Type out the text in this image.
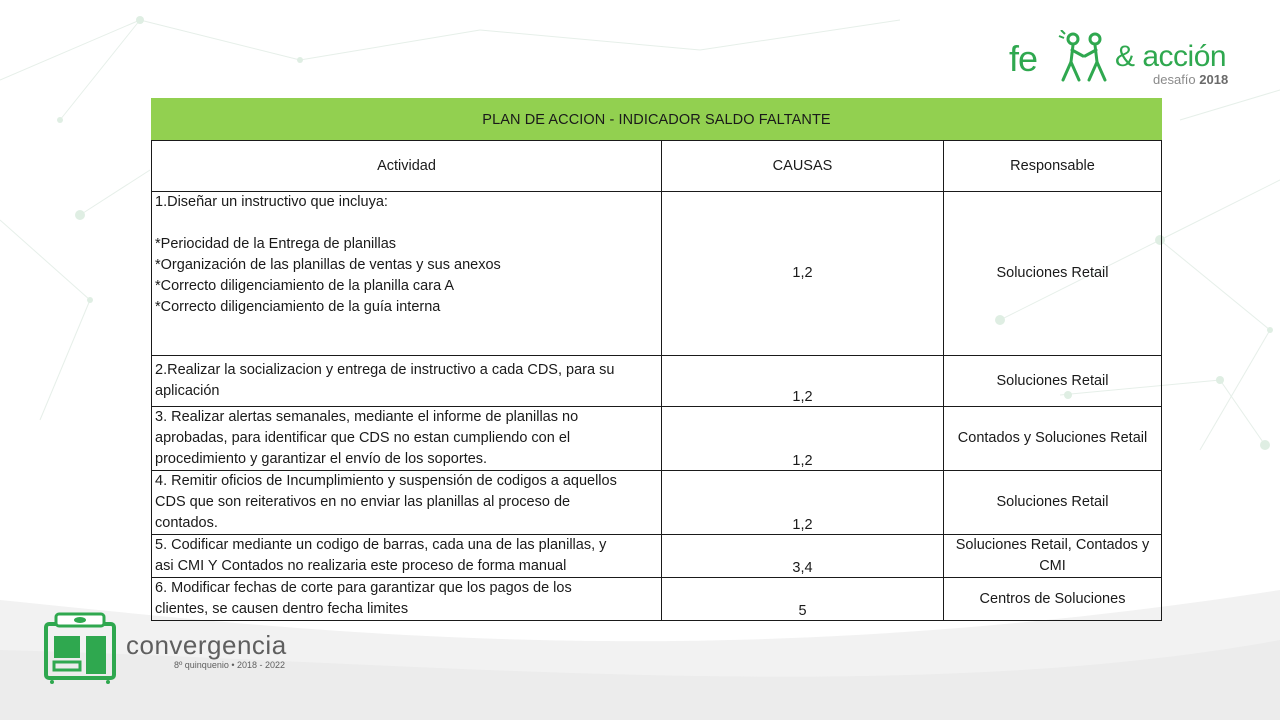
fe	& acción
desafío 2018
PLAN DE ACCION - INDICADOR SALDO FALTANTE		
Actividad	CAUSAS	Responsable

1.Diseñar un instructivo que incluya:
*Periocidad de la Entrega de planillas
*Organización de las planillas de ventas y sus anexos
*Correcto diligenciamiento de la planilla cara A
*Correcto diligenciamiento de la guía interna	1,2	Soluciones Retail

2.Realizar la socializacion y entrega de instructivo a cada CDS, para su
aplicación	1,2	Soluciones Retail

3. Realizar alertas semanales, mediante el informe de planillas no
aprobadas, para identificar que CDS no estan cumpliendo con el
procedimiento y garantizar el envío de los soportes.	1,2	Contados y Soluciones Retail

4. Remitir oficios de Incumplimiento y suspensión de codigos a aquellos
CDS que son reiterativos en no enviar las planillas al proceso de
contados.	1,2	Soluciones Retail

5. Codificar mediante un codigo de barras, cada una de las planillas, y
asi CMI Y Contados no realizaria este proceso de forma manual	3,4	Soluciones Retail, Contados y
CMI

6. Modificar fechas de corte para garantizar que los pagos de los
clientes, se causen dentro fecha limites	5	Centros de Soluciones
convergencia
8º quinquenio • 2018 - 2022
